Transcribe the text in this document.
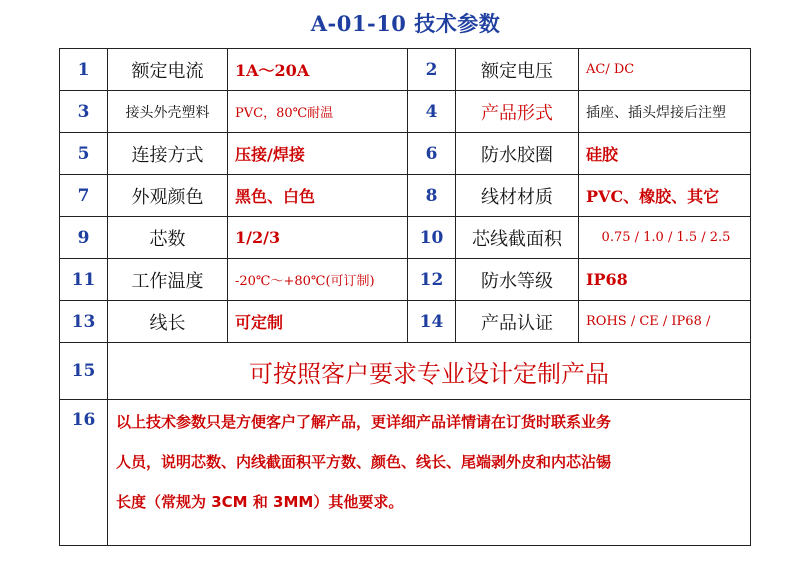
A-01-10 技术参数
1	额定电流	1A～20A	2	额定电压	AC/ DC
3	接头外壳塑料	PVC，80℃耐温	4	产品形式	插座、插头焊接后注塑
5	连接方式	压接/焊接	6	防水胶圈	硅胶
7	外观颜色	黑色、白色	8	线材材质	PVC、橡胶、其它
9	芯数	1/2/3	10	芯线截面积	0.75 / 1.0 / 1.5 / 2.5
11	工作温度	-20℃～+80℃(可订制)	12	防水等级	IP68
13	线长	可定制	14	产品认证	ROHS / CE / IP68 /
15	可按照客户要求专业设计定制产品				
16	以上技术参数只是方便客户了解产品，更详细产品详情请在订货时联系业务

人员，说明芯数、内线截面积平方数、颜色、线长、尾端剥外皮和内芯沾锡

长度（常规为 3CM 和 3MM）其他要求。				
